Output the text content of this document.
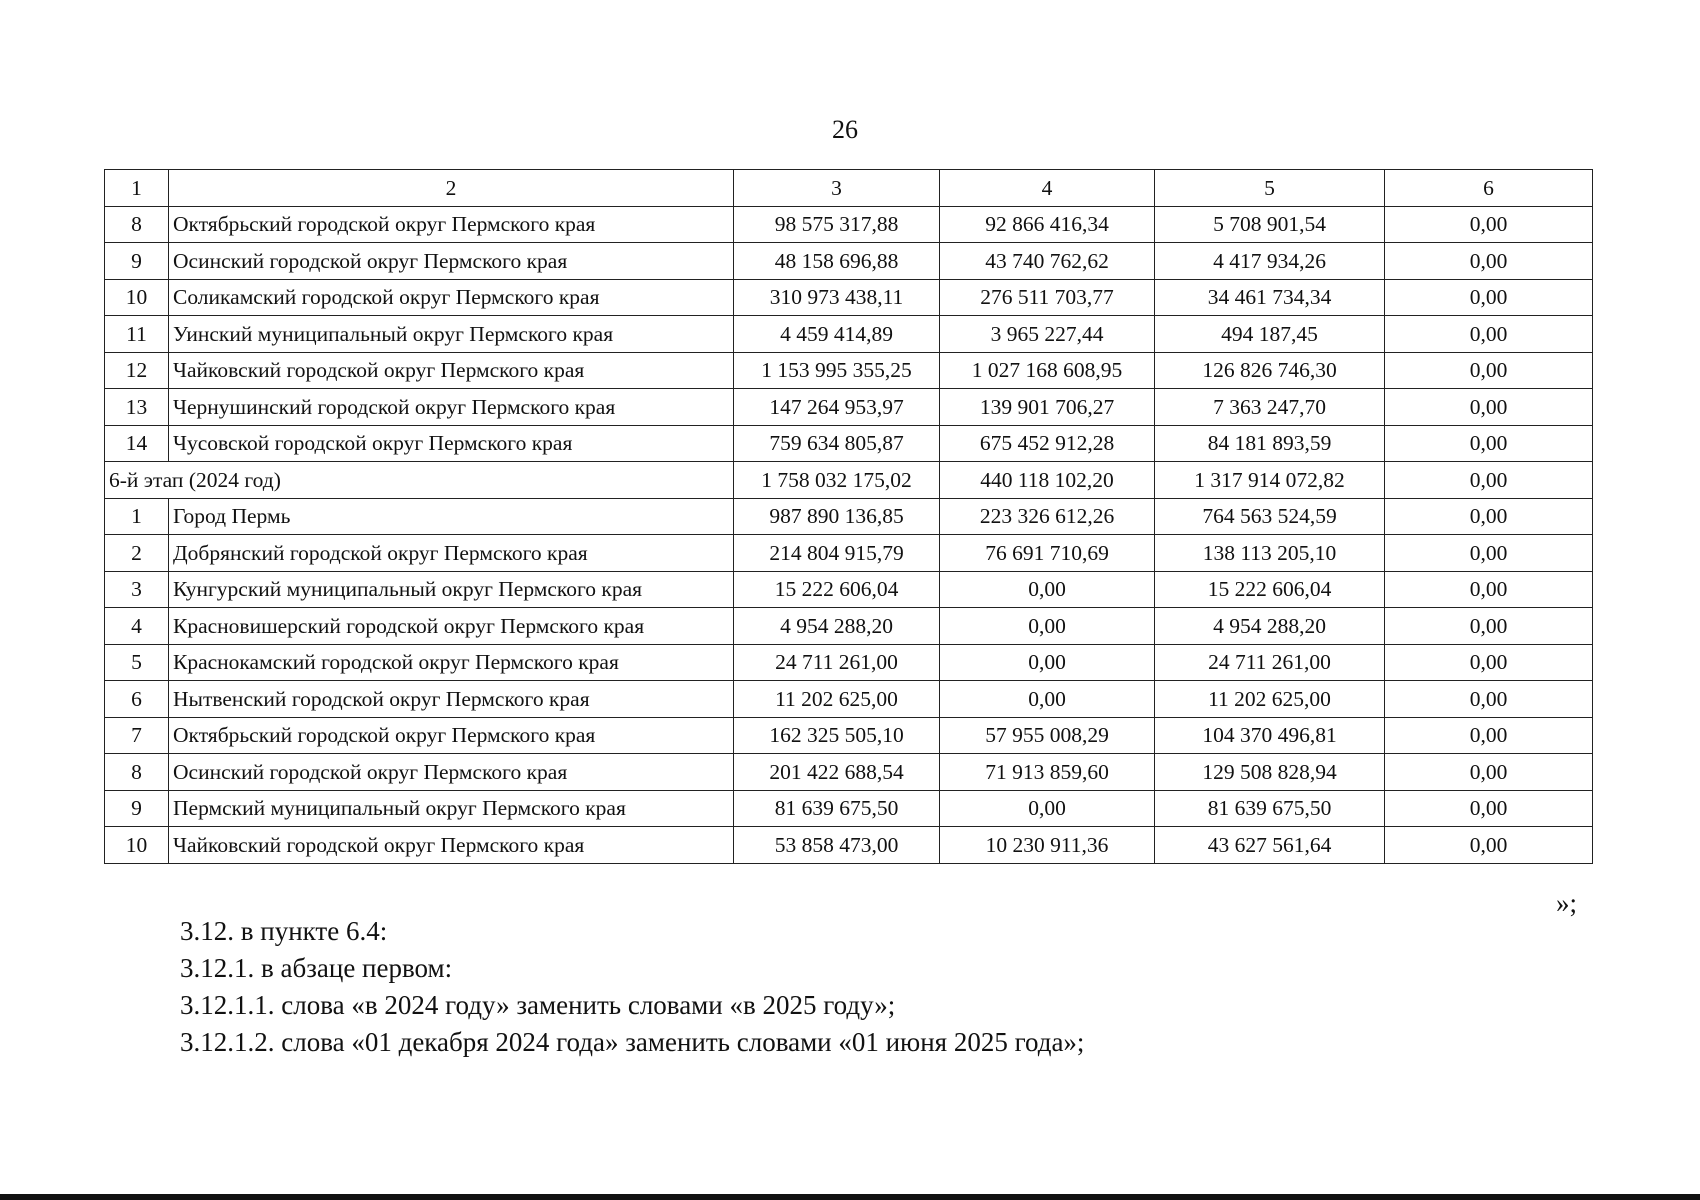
26
1	2	3	4	5	6
8	Октябрьский городской округ Пермского края	98 575 317,88	92 866 416,34	5 708 901,54	0,00
9	Осинский городской округ Пермского края	48 158 696,88	43 740 762,62	4 417 934,26	0,00
10	Соликамский городской округ Пермского края	310 973 438,11	276 511 703,77	34 461 734,34	0,00
11	Уинский муниципальный округ Пермского края	4 459 414,89	3 965 227,44	494 187,45	0,00
12	Чайковский городской округ Пермского края	1 153 995 355,25	1 027 168 608,95	126 826 746,30	0,00
13	Чернушинский городской округ Пермского края	147 264 953,97	139 901 706,27	7 363 247,70	0,00
14	Чусовской городской округ Пермского края	759 634 805,87	675 452 912,28	84 181 893,59	0,00
6-й этап (2024 год)		1 758 032 175,02	440 118 102,20	1 317 914 072,82	0,00
1	Город Пермь	987 890 136,85	223 326 612,26	764 563 524,59	0,00
2	Добрянский городской округ Пермского края	214 804 915,79	76 691 710,69	138 113 205,10	0,00
3	Кунгурский муниципальный округ Пермского края	15 222 606,04	0,00	15 222 606,04	0,00
4	Красновишерский городской округ Пермского края	4 954 288,20	0,00	4 954 288,20	0,00
5	Краснокамский городской округ Пермского края	24 711 261,00	0,00	24 711 261,00	0,00
6	Нытвенский городской округ Пермского края	11 202 625,00	0,00	11 202 625,00	0,00
7	Октябрьский городской округ Пермского края	162 325 505,10	57 955 008,29	104 370 496,81	0,00
8	Осинский городской округ Пермского края	201 422 688,54	71 913 859,60	129 508 828,94	0,00
9	Пермский муниципальный округ Пермского края	81 639 675,50	0,00	81 639 675,50	0,00
10	Чайковский городской округ Пермского края	53 858 473,00	10 230 911,36	43 627 561,64	0,00
»;

3.12. в пункте 6.4:

3.12.1. в абзаце первом:

3.12.1.1. слова «в 2024 году» заменить словами «в 2025 году»;

3.12.1.2. слова «01 декабря 2024 года» заменить словами «01 июня 2025 года»;
